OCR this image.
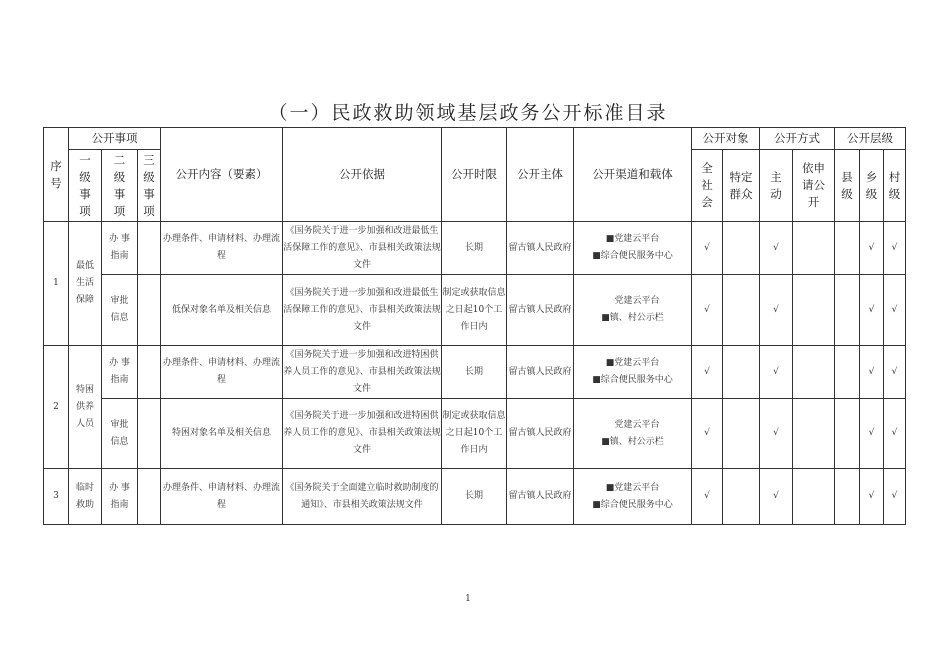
（一）民政救助领域基层政务公开标准目录
序
号	公开事项			公开内容（要素）	公开依据	公开时限	公开主体	公开渠道和载体	公开对象		公开方式		公开层级		
	一
级
事
项	二
级
事
项	三
级
事
项						全
社
会	特定
群众	主
动	依申
请公
开	县
级	乡
级	村
级
1	最低
生活
保障	办 事
指南		办理条件、申请材料、办理流程	《国务院关于进一步加强和改进最低生活保障工作的意见》、市县相关政策法规文件	长期	留古镇人民政府	■党建云平台
■综合便民服务中心	√		√			√	√
		审批
信息		低保对象名单及相关信息	《国务院关于进一步加强和改进最低生活保障工作的意见》、市县相关政策法规文件	制定或获取信息之日起10个工作日内	留古镇人民政府	　党建云平台
■镇、村公示栏	√		√			√	√
2	特困
供养
人员	办 事
指南		办理条件、申请材料、办理流程	《国务院关于进一步加强和改进特困供养人员工作的意见》、市县相关政策法规文件	长期	留古镇人民政府	■党建云平台
■综合便民服务中心	√		√			√	√
		审批
信息		特困对象名单及相关信息	《国务院关于进一步加强和改进特困供养人员工作的意见》、市县相关政策法规文件	制定或获取信息之日起10个工作日内	留古镇人民政府	　党建云平台
■镇、村公示栏	√		√			√	√
3	临时
救助	办 事
指南		办理条件、申请材料、办理流程	《国务院关于全面建立临时救助制度的通知》、市县相关政策法规文件	长期	留古镇人民政府	■党建云平台
■综合便民服务中心	√		√			√	√
1
